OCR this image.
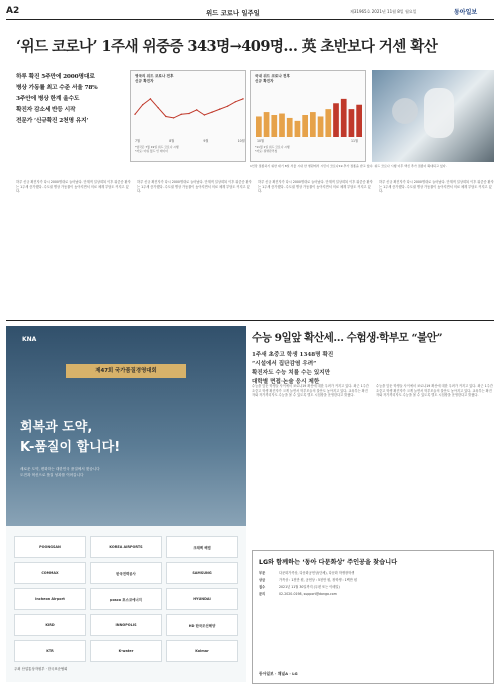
A2	위드 코로나 일주일	제31965호 2021년 11월 8일 월요일	동아일보
‘위드 코로나’ 1주새 위중증 343명→409명… 英 초반보다 거센 확산
하루 확진 5주만에 2000명대로
병상 가동률 최고 수준 서울 78%
3주안에 병상 한계 올수도
확진자 감소세 반등 시작
전문가 ‘신규확진 2천명 유지’
영국의 위드 코로나 전후
신규 확진자
7월	8월	9월	10월
*영국은 7월 19일 위드 코로나 시행
*자료: 아워 월드 인 데이터
국내 위드 코로나 전후
신규 확진자
10월	11월
*11월 1일 위드 코로나 시행
*자료: 질병관리청
1인당 접종하기 위한 대기 8일 서울 시내 한 병원에서 시민이 코로나19 추가 접종을 받고 있다. 위드 코로나 시행 이후 백신 추가 접종이 확대되고 있다.
하루 신규 확진자가 다시 2000명대로 늘어났다. 단계적 일상회복 이후 위중증 환자는 1주새 증가했다. 수도권 병상 가동률이 높아지면서 의료 체계 부담도 커지고 있다.
하루 신규 확진자가 다시 2000명대로 늘어났다. 단계적 일상회복 이후 위중증 환자는 1주새 증가했다. 수도권 병상 가동률이 높아지면서 의료 체계 부담도 커지고 있다.
하루 신규 확진자가 다시 2000명대로 늘어났다. 단계적 일상회복 이후 위중증 환자는 1주새 증가했다. 수도권 병상 가동률이 높아지면서 의료 체계 부담도 커지고 있다.
하루 신규 확진자가 다시 2000명대로 늘어났다. 단계적 일상회복 이후 위중증 환자는 1주새 증가했다. 수도권 병상 가동률이 높아지면서 의료 체계 부담도 커지고 있다.
KNA
제47회 국가품질경영대회
회복과 도약,
K-품질이 합니다!
새로운 도약, 변화하는 대한민국 품질에서 찾습니다
도전과 혁신으로 품질 성과를 이어갑니다
POONGSAN	KOREA AIRPORTS	크래펙 해법
COMMAX	한국전력공사	SAMSUNG
Incheon Airport	posco 포스코에너지	HYUNDAI
KIRD	INNOPOLIS	HD 한국조선해양
KTR	K-water	Kolmar
주최 산업통상자원부 · 한국표준협회
수능 9일앞 확산세… 수험생·학부모 “불안”
1주새 초중고 학생 1348명 확진
“시설에서 집단감염 우려”
확진자도 수능 치를 수는 있지만
대학별 면접·논술 응시 제한
수능을 앞둔 학생들 사이에서 코로나19 확산에 대한 우려가 커지고 있다. 최근 1주간 초중고 학생 확진자가 크게 늘면서 학부모들의 불안도 높아지고 있다. 교육부는 확진자와 자가격리자도 수능을 볼 수 있도록 별도 시험장을 운영한다고 밝혔다.
수능을 앞둔 학생들 사이에서 코로나19 확산에 대한 우려가 커지고 있다. 최근 1주간 초중고 학생 확진자가 크게 늘면서 학부모들의 불안도 높아지고 있다. 교육부는 확진자와 자가격리자도 수능을 볼 수 있도록 별도 시험장을 운영한다고 밝혔다.
LG와 함께하는 ‘동아 다문화상’ 주인공을 찾습니다
부문	다문화가족상, 다문화공헌상(단체), 다문화 학생장학생
상금	가족상 : 1천만 원, 공헌상 : 5천만 원, 장학생 : 1백만 원
접수	2021년 11월 30일까지 (우편 또는 이메일)
문의	02-2020-0198, support@donga.com
동아일보 · 채널A · LG
